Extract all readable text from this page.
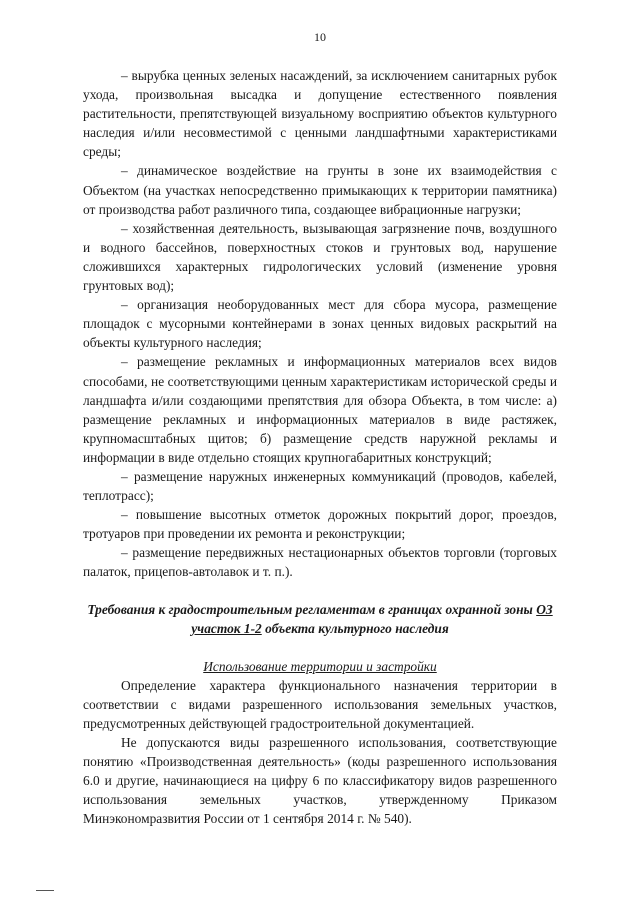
10

– вырубка ценных зеленых насаждений, за исключением санитарных рубок ухода, произвольная высадка и допущение естественного появления растительности, препятствующей визуальному восприятию объектов культурного наследия и/или несовместимой с ценными ландшафтными характеристиками среды;

– динамическое воздействие на грунты в зоне их взаимодействия с Объектом (на участках непосредственно примыкающих к территории памятника) от производства работ различного типа, создающее вибрационные нагрузки;

– хозяйственная деятельность, вызывающая загрязнение почв, воздушного и водного бассейнов, поверхностных стоков и грунтовых вод, нарушение сложившихся характерных гидрологических условий (изменение уровня грунтовых вод);

– организация необорудованных мест для сбора мусора, размещение площадок с мусорными контейнерами в зонах ценных видовых раскрытий на объекты культурного наследия;

– размещение рекламных и информационных материалов всех видов способами, не соответствующими ценным характеристикам исторической среды и ландшафта и/или создающими препятствия для обзора Объекта, в том числе: а) размещение рекламных и информационных материалов в виде растяжек, крупномасштабных щитов; б) размещение средств наружной рекламы и информации в виде отдельно стоящих крупногабаритных конструкций;

– размещение наружных инженерных коммуникаций (проводов, кабелей, теплотрасс);

– повышение высотных отметок дорожных покрытий дорог, проездов, тротуаров при проведении их ремонта и реконструкции;

– размещение передвижных нестационарных объектов торговли (торговых палаток, прицепов-автолавок и т. п.).

Требования к градостроительным регламентам в границах охранной зоны ОЗ участок 1-2 объекта культурного наследия
Использование территории и застройки

Определение характера функционального назначения территории в соответствии с видами разрешенного использования земельных участков, предусмотренных действующей градостроительной документацией.

Не допускаются виды разрешенного использования, соответствующие понятию «Производственная деятельность» (коды разрешенного использования 6.0 и другие, начинающиеся на цифру 6 по классификатору видов разрешенного использования земельных участков, утвержденному Приказом Минэкономразвития России от 1 сентября 2014 г. № 540).
